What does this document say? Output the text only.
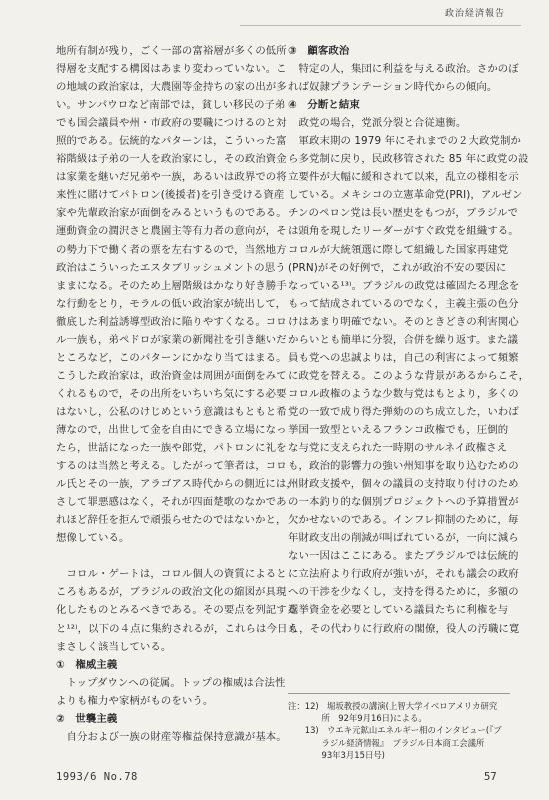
政治経済報告
地所有制が残り，ごく一部の富裕層が多くの低所
得層を支配する構図はあまり変わっていない。こ
の地域の政治家は，大農園等金持ちの家の出が多
い。サンパウロなど南部では，貧しい移民の子弟
でも国会議員や州・市政府の要職につけるのと対
照的である。伝統的なパターンは，こういった富
裕階級は子弟の一人を政治家にし，その政治資金
は家業を継いだ兄弟や一族，あるいは政界での将
来性に賭けてパトロン(後援者)を引き受ける資産
家や先輩政治家が面倒をみるというものである。
運動資金の潤沢さと農園主等有力者の意向が，そ
の勢力下で働く者の票を左右するので，当然地方
政治はこういったエスタブリッシュメントの思う
ままになる。そのため上層階級はかなり好き勝手
な行動をとり，モラルの低い政治家が続出して，
徹底した利益誘導型政治に陥りやすくなる。コロ
ル一族も，弟ペドロが家業の新聞社を引き継いだ
ところなど，このパターンにかなり当てはまる。
こうした政治家は，政治資金は周囲が面倒をみて
くれるもので，その出所をいちいち気にする必要
はないし，公私のけじめという意識はもともと希
薄なので，出世して金を自由にできる立場になっ
たら，世話になった一族や郎党，パトロンに礼を
するのは当然と考える。したがって筆者は，コロ
ル氏とその一族，アラゴアス時代からの側近には，
さして罪悪感はなく，それが四面楚歌のなかであ
れほど辞任を拒んで頑張らせたのではないかと，
想像している。
　コロル・ゲートは，コロル個人の資質によると
ころもあるが，ブラジルの政治文化の縮図が具現
化したものとみるべきである。その要点を列記する
と¹²⁾，以下の４点に集約されるが，これらは今日も
まさしく該当している。
①　権威主義
　トップダウンへの従属。トップの権威は合法性
よりも権力や家柄がものをいう。
②　世襲主義
　自分および一族の財産等権益保持意識が基本。
③　顧客政治
　特定の人，集団に利益を与える政治。さかのぼ
れば奴隷プランテーション時代からの傾向。
④　分断と結束
　政党の場合，党派分裂と合従連衡。
　軍政末期の 1979 年にそれまでの２大政党制か
ら多党制に戻り，民政移管された 85 年に政党の設
立要件が大幅に緩和されて以来，乱立の様相を示
している。メキシコの立憲革命党(PRI)，アルゼン
チンのペロン党は長い歴史をもつが，ブラジルで
は頭角を現したリーダーがすぐ政党を組織する。
コロルが大統領選に際して組織した国家再建党
(PRN)がその好例で，これが政治不安の要因に
なっている¹³⁾。ブラジルの政党は確固たる理念を
もって結成されているのでなく，主義主張の色分
けはあまり明確でない。そのときどきの利害関心
からいとも簡単に分裂，合併を繰り返す。また議
員も党への忠誠よりは，自己の利害によって頻繁
に政党を替える。このような背景があるからこそ，
コロル政権のような少数与党はもとより，多くの
党の一致で成り得た弾劾ののち成立した，いわば
挙国一致型といえるフランコ政権でも，圧倒的
な与党に支えられた一時期のサルネイ政権さえ
も，政治的影響力の強い州知事を取り込むための
州財政支援や，個々の議員の支持取り付けのため
の一本釣り的な個別プロジェクトへの予算措置が
欠かせないのである。インフレ抑制のために，毎
年財政支出の削減が叫ばれているが，一向に減ら
ない一因はここにある。またブラジルでは伝統的
に立法府より行政府が強いが，それも議会の政府
への干渉を少なくし，支持を得るために，多額の
選挙資金を必要としている議員たちに利権を与
え，その代わりに行政府の閣僚，役人の汚職に寛
注：12)　堀坂教授の講演(上智大学イベロアメリカ研究
　　　　所　92年9月16日)による。
　　13)　ウエキ元鉱山エネルギー相のインタビュー(『ブ
　　　　ラジル経済情報』　ブラジル日本商工会議所
　　　　93年3月15日号)
1993/6 No.78	57
